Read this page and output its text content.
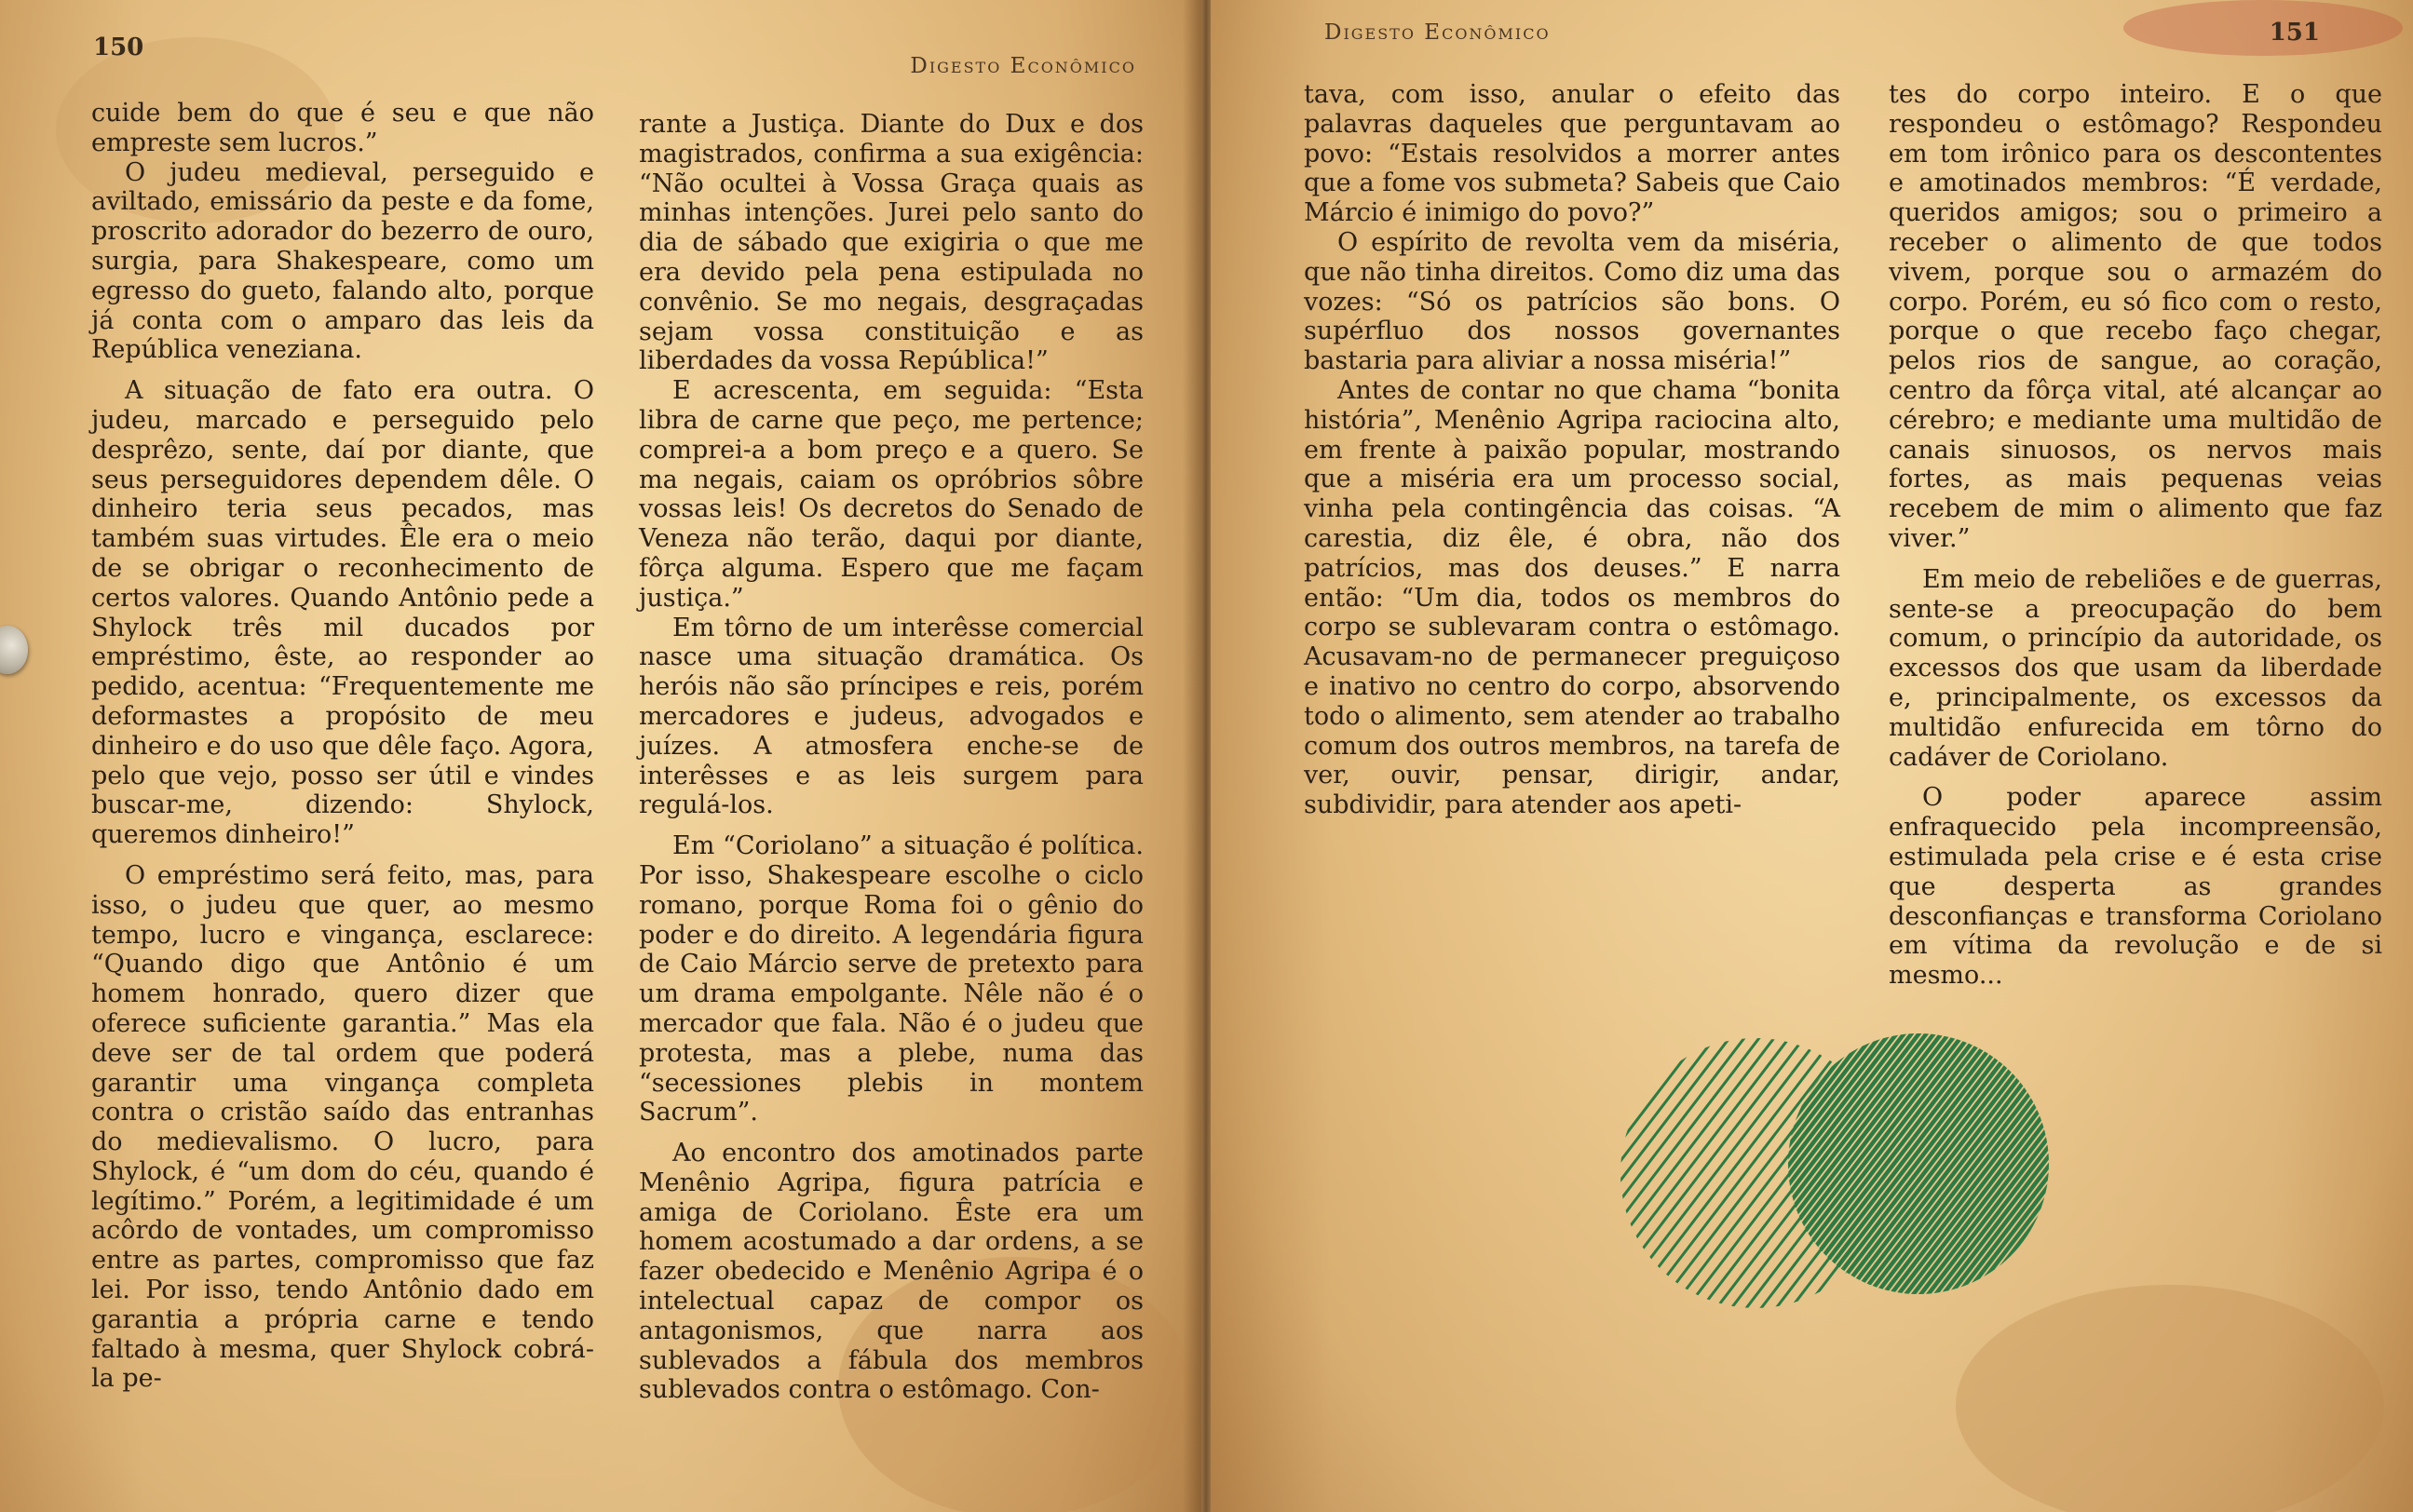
150
Digesto Econômico

cuide bem do que é seu e que não empreste sem lucros.”

O judeu medieval, perseguido e aviltado, emissário da peste e da fome, proscrito adorador do bezerro de ouro, surgia, para Shakespeare, como um egresso do gueto, falando alto, porque já conta com o amparo das leis da República veneziana.

A situação de fato era outra. O judeu, marcado e perseguido pelo desprêzo, sente, daí por diante, que seus perseguidores dependem dêle. O dinheiro teria seus pecados, mas também suas virtudes. Êle era o meio de se obrigar o reconhecimento de certos valores. Quando Antônio pede a Shylock três mil ducados por empréstimo, êste, ao responder ao pedido, acentua: “Frequentemente me deformastes a propósito de meu dinheiro e do uso que dêle faço. Agora, pelo que vejo, posso ser útil e vindes buscar-me, dizendo: Shylock, queremos dinheiro!”

O empréstimo será feito, mas, para isso, o judeu que quer, ao mesmo tempo, lucro e vingança, esclarece: “Quando digo que Antônio é um homem honrado, quero dizer que oferece suficiente garantia.” Mas ela deve ser de tal ordem que poderá garantir uma vingança completa contra o cristão saído das entranhas do medievalismo. O lucro, para Shylock, é “um dom do céu, quando é legítimo.” Porém, a legitimidade é um acôrdo de vontades, um compromisso entre as partes, compromisso que faz lei. Por isso, tendo Antônio dado em garantia a própria carne e tendo faltado à mesma, quer Shylock cobrá-la pe-

rante a Justiça. Diante do Dux e dos magistrados, confirma a sua exigência: “Não ocultei à Vossa Graça quais as minhas intenções. Jurei pelo santo do dia de sábado que exigiria o que me era devido pela pena estipulada no convênio. Se mo negais, desgraçadas sejam vossa constituição e as liberdades da vossa República!”

E acrescenta, em seguida: “Esta libra de carne que peço, me pertence; comprei-a a bom preço e a quero. Se ma negais, caiam os opróbrios sôbre vossas leis! Os decretos do Senado de Veneza não terão, daqui por diante, fôrça alguma. Espero que me façam justiça.”

Em tôrno de um interêsse comercial nasce uma situação dramática. Os heróis não são príncipes e reis, porém mercadores e judeus, advogados e juízes. A atmosfera enche-se de interêsses e as leis surgem para regulá-los.

Em “Coriolano” a situação é política. Por isso, Shakespeare escolhe o ciclo romano, porque Roma foi o gênio do poder e do direito. A legendária figura de Caio Márcio serve de pretexto para um drama empolgante. Nêle não é o mercador que fala. Não é o judeu que protesta, mas a plebe, numa das “secessiones plebis in montem Sacrum”.

Ao encontro dos amotinados parte Menênio Agripa, figura patrícia e amiga de Coriolano. Êste era um homem acostumado a dar ordens, a se fazer obedecido e Menênio Agripa é o intelectual capaz de compor os antagonismos, que narra aos sublevados a fábula dos membros sublevados contra o estômago. Con-

Digesto Econômico	151

tava, com isso, anular o efeito das palavras daqueles que perguntavam ao povo: “Estais resolvidos a morrer antes que a fome vos submeta? Sabeis que Caio Márcio é inimigo do povo?”

O espírito de revolta vem da miséria, que não tinha direitos. Como diz uma das vozes: “Só os patrícios são bons. O supérfluo dos nossos governantes bastaria para aliviar a nossa miséria!”

Antes de contar no que chama “bonita história”, Menênio Agripa raciocina alto, em frente à paixão popular, mostrando que a miséria era um processo social, vinha pela contingência das coisas. “A carestia, diz êle, é obra, não dos patrícios, mas dos deuses.” E narra então: “Um dia, todos os membros do corpo se sublevaram contra o estômago. Acusavam-no de permanecer preguiçoso e inativo no centro do corpo, absorvendo todo o alimento, sem atender ao trabalho comum dos outros membros, na tarefa de ver, ouvir, pensar, dirigir, andar, subdividir, para atender aos apeti-

tes do corpo inteiro. E o que respondeu o estômago? Respondeu em tom irônico para os descontentes e amotinados membros: “É verdade, queridos amigos; sou o primeiro a receber o alimento de que todos vivem, porque sou o armazém do corpo. Porém, eu só fico com o resto, porque o que recebo faço chegar, pelos rios de sangue, ao coração, centro da fôrça vital, até alcançar ao cérebro; e mediante uma multidão de canais sinuosos, os nervos mais fortes, as mais pequenas veias recebem de mim o alimento que faz viver.”

Em meio de rebeliões e de guerras, sente-se a preocupação do bem comum, o princípio da autoridade, os excessos dos que usam da liberdade e, principalmente, os excessos da multidão enfurecida em tôrno do cadáver de Coriolano.

O poder aparece assim enfraquecido pela incompreensão, estimulada pela crise e é esta crise que desperta as grandes desconfianças e transforma Coriolano em vítima da revolução e de si mesmo...
